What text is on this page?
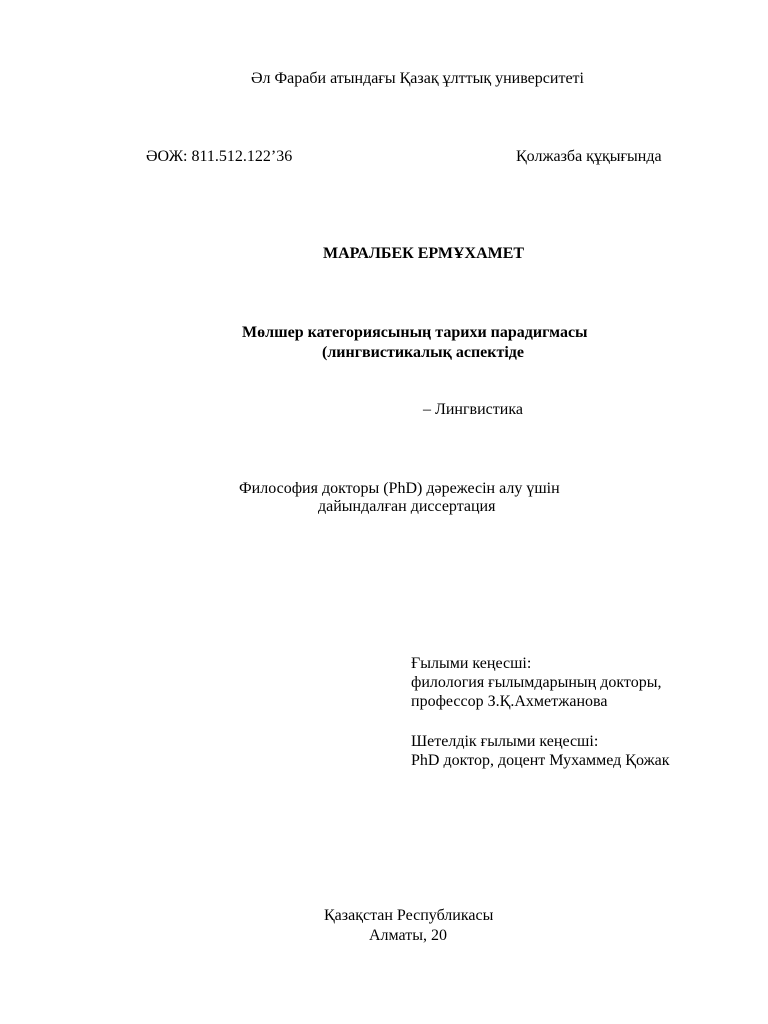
Әл Фараби атындағы Қазақ ұлттық университеті
ӘОЖ: 811.512.122’36	Қолжазба құқығында
МАРАЛБЕК ЕРМҰХАМЕТ
Мөлшер категориясының тарихи парадигмасы
(лингвистикалық аспектіде
– Лингвистика
Философия докторы (PhD) дәрежесін алу үшін
дайындалған диссертация
Ғылыми кеңесші:
филология ғылымдарының докторы,
профессор З.Қ.Ахметжанова
Шетелдік ғылыми кеңесші:
PhD доктор, доцент Мухаммед Қожак
Қазақстан Республикасы
Алматы, 20
